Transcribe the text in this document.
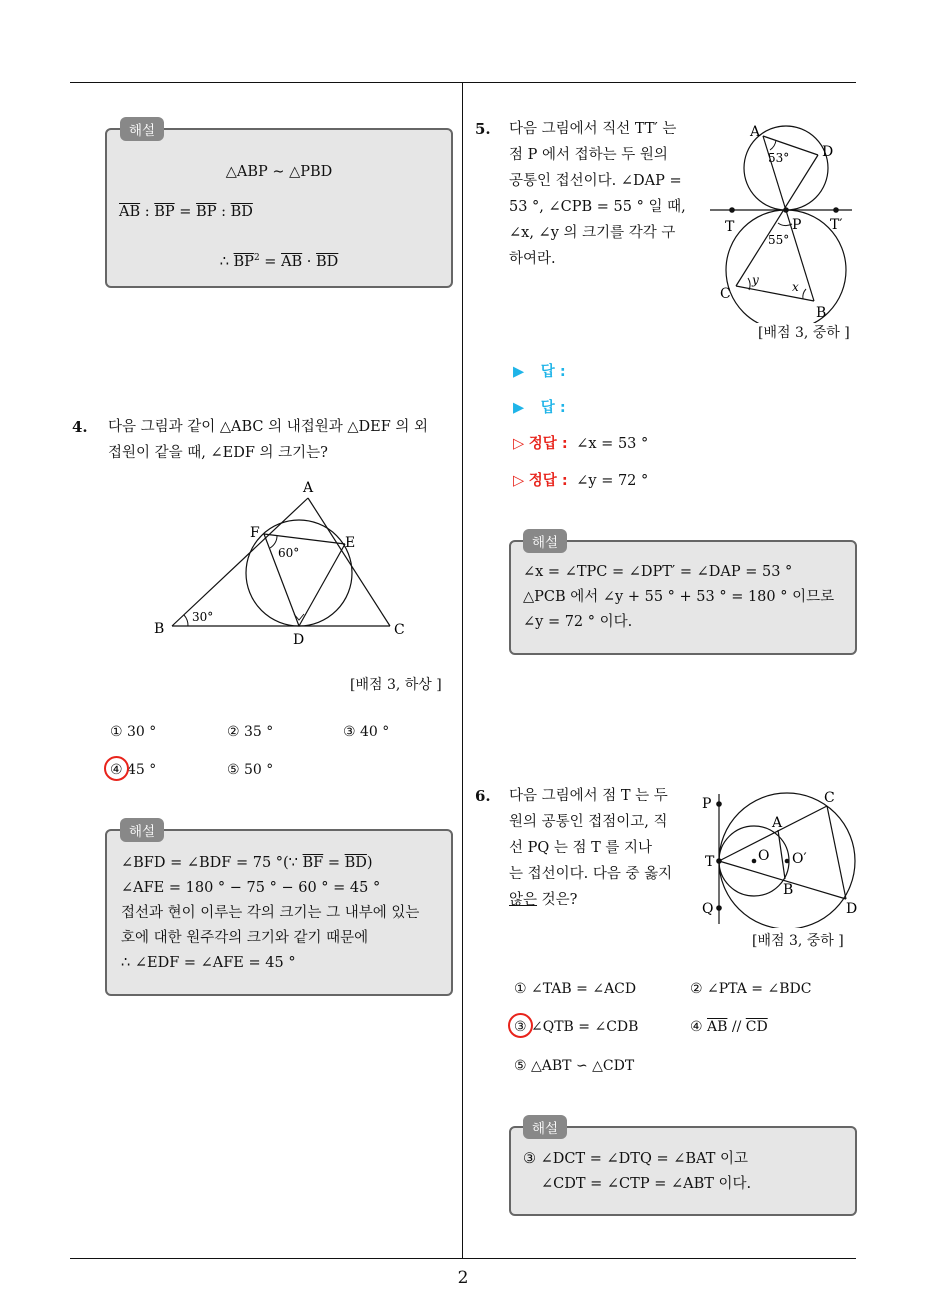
△ABP ∼ △PBD
$\overline{AB}$ : $\overline{BP} = \overline{BP}$ : $\overline{BD}$
∴ $\overline{BP}^2 = \overline{AB} \cdot \overline{BD}$
해설
4. 다음 그림과 같이 △ABC 의 내접원과 △DEF 의 외
접원이 같을 때, ∠EDF 의 크기는?
A
B	C
D
E
F
30°
60°
[배점 3, 하상 ]
① 30 °	② 35 °	③ 40 °
④ 45 °	⑤ 50 °
∠BFD = ∠BDF = 75 °(∵ $\overline{BF} = \overline{BD}$)
∠AFE = 180 ° − 75 ° − 60 ° = 45 °
접선과 현이 이루는 각의 크기는 그 내부에 있는
호에 대한 원주각의 크기와 같기 때문에
∴ ∠EDF = ∠AFE = 45 °
해설
5. 다음 그림에서 직선 TT′ 는
점 P 에서 접하는 두 원의
공통인 접선이다. ∠DAP =
53 °, ∠CPB = 55 ° 일 때,
∠x, ∠y 의 크기를 각각 구
하여라.
A
D
T	P T′
C
B
53°
55°
x
y
[배점 3, 중하 ]
▶ 답 :
▶ 답 :
▷ 정답 : ∠x = 53 °
▷ 정답 : ∠y = 72 °
∠x = ∠TPC = ∠DPT′ = ∠DAP = 53 °
△PCB 에서 ∠y + 55 ° + 53 ° = 180 ° 이므로
∠y = 72 ° 이다.
해설
6. 다음 그림에서 점 T 는 두
원의 공통인 접점이고, 직
선 PQ 는 점 T 를 지나
는 접선이다. 다음 중 옳지
않은 것은?
P
T
Q
O O′
A
B
C
D
[배점 3, 중하 ]
① ∠TAB = ∠ACD	② ∠PTA = ∠BDC
③ ∠QTB = ∠CDB	④ $\overline{AB} // \overline{CD}$
⑤ △ABT ∽ △CDT
③ ∠DCT = ∠DTQ = ∠BAT 이고
∠CDT = ∠CTP = ∠ABT 이다.
해설
2
